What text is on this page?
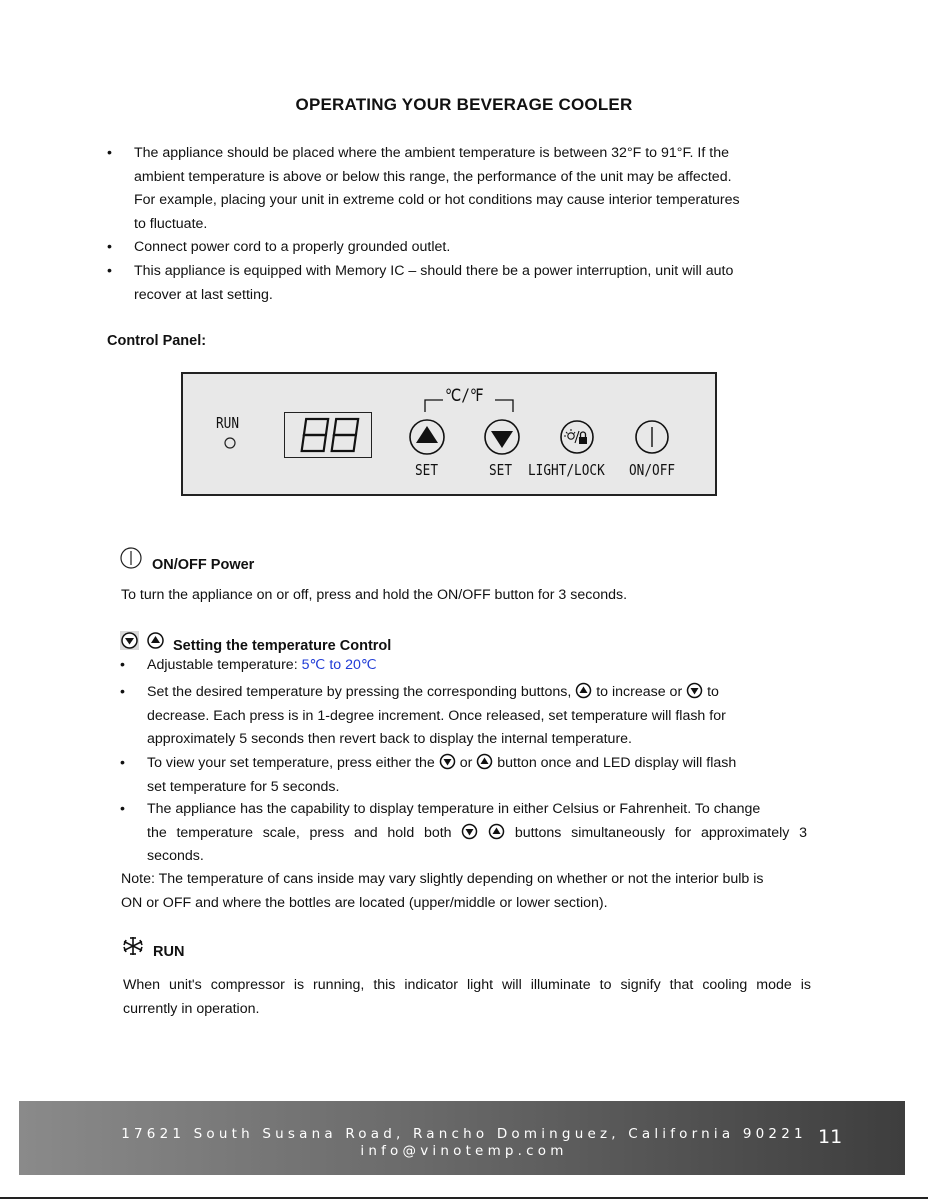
OPERATING YOUR BEVERAGE COOLER
• The appliance should be placed where the ambient temperature is between 32°F to 91°F. If the
ambient temperature is above or below this range, the performance of the unit may be affected.
For example, placing your unit in extreme cold or hot conditions may cause interior temperatures
to fluctuate.
• Connect power cord to a properly grounded outlet.
• This appliance is equipped with Memory IC – should there be a power interruption, unit will auto
recover at last setting.
Control Panel:
RUN
℃/℉
SET	SET LIGHT/LOCK ON/OFF
ON/OFF Power
To turn the appliance on or off, press and hold the ON/OFF button for 3 seconds.
Setting the temperature Control
• Adjustable temperature: 5℃ to 20℃
• Set the desired temperature by pressing the corresponding buttons, to increase or to
decrease. Each press is in 1-degree increment. Once released, set temperature will flash for
approximately 5 seconds then revert back to display the internal temperature.
• To view your set temperature, press either the or button once and LED display will flash
set temperature for 5 seconds.
• The appliance has the capability to display temperature in either Celsius or Fahrenheit. To change
the temperature scale, press and hold both	buttons simultaneously for approximately 3
seconds.
Note: The temperature of cans inside may vary slightly depending on whether or not the interior bulb is
ON or OFF and where the bottles are located (upper/middle or lower section).
RUN
When unit's compressor is running, this indicator light will illuminate to signify that cooling mode is
currently in operation.
17621 South Susana Road, Rancho Dominguez, California 90221
info@vinotemp.com
11
